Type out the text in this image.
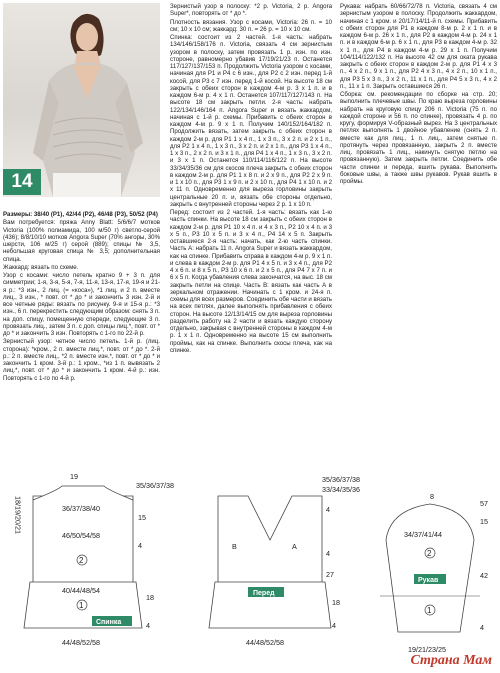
14

Размеры: 38/40 (P1), 42/44 (P2), 46/48 (P3), 50/52 (P4)

Вам потребуется: пряжа Anny Blatt: 5/6/6/7 мотков Victoria (100% полиамида, 100 м/50 г) светло-серой (436); 8/8/10/10 мотков Angora Super (70% ангоры, 30% шерсти, 106 м/25 г) серой (889); спицы № 3,5, небольшая круговая спица № 3,5; дополнительная спица.

Жаккард: вязать по схеме.

Узор с косами: число петель кратно 9 + 3 п. для симметрии; 1-я, 3-я, 5-я, 7-я, 11-я, 13-я, 17-я, 19-я и 21-я р.: *3 изн., 2 лиц. (= «коса»), *1 лиц. и 2 п. вместе лиц., 3 изн., * повт. от * до * и закончить 3 изн. 2-й и все четные ряды: вязать по рисунку. 9-я и 15-я р.: *3 изн., 6 п. перекрестить следующим образом: снять 3 п. на доп. спицу, помещенную спереди, следующие 3 п. провязать лиц., затем 3 п. с доп. спицы лиц.*, повт. от * до * и закончить 3 изн. Повторять с 1-го по 22-й р.

Зернистый узор: четное число петель. 1-й р. (лиц. сторона): *кром., 2 п. вместе лиц.*, повт. от * до *. 2-й р.: 2 п. вместе лиц., *2 п. вместе изн.*, повт. от * до * и закончить 1 кром. 3-й р.: 1 кром., *из 1 п. вывязать 2 лиц.*, повт. от * до * и закончить 1 кром. 4-й р.: изн. Повторять с 1-го по 4-й р.

Зернистый узор в полоску: *2 р. Victoria, 2 р. Angora Super*, повторять от * до *.

Плотность вязания. Узор с косами, Victoria: 26 п. = 10 см; 10 х 10 см; жаккард: 30 п. = 26 р. = 10 х 10 см.

Спинка: состоит из 2 частей. 1-я часть: набрать 134/146/158/176 п. Victoria, связать 4 см зернистым узором в полоску, затем провязать 1 р. изн. по изн. стороне, равномерно убавив 17/19/21/23 п. Останется 117/127/137/153 п. Продолжить Victoria узором с косами, начиная для Р1 и Р4 с 6 изн., для Р2 с 2 изн. перед 1-й косой, для Р3 с 7 изн. перед 1-й косой. На высоте 18 см закрыть с обеих сторон в каждом 4-м р. 3 х 1 п. и в каждом 6-м р. 4 х 1 п. Останется 107/117/127/143 п. На высоте 18 см закрыть петли. 2-я часть: набрать 122/134/146/164 п. Angora Super и вязать жаккардом, начиная с 1-й р. схемы. Прибавить с обеих сторон в каждом 4-м р. 9 х 1 п. Получим 140/152/164/182 п. Продолжить вязать, затем закрыть с обеих сторон в каждом 2-м р. для Р1 1 х 4 п., 1 х 3 п., 3 х 2 п. и 2 х 1 п., для Р2 1 х 4 п., 1 х 3 п., 3 х 2 п. и 2 х 1 п., для Р3 1 х 4 п., 1 х 3 п., 2 х 2 п. и 3 х 1 п., для Р4 1 х 4 п., 1 х 3 п., 3 х 2 п. и 3 х 1 п. Останется 110/114/116/122 п. На высоте 33/34/35/36 см для скосов плеча закрыть с обеих сторон в каждом 2-м р. для Р1 1 х 8 п. и 2 х 9 п., для Р2 2 х 9 п. и 1 х 10 п., для Р3 1 х 9 п. и 2 х 10 п., для Р4 1 х 10 п. и 2 х 11 п. Одновременно для выреза горловины закрыть центральные 20 п. и, вязать обе стороны отдельно, закрыть с внутренней стороны через 2 р. 1 х 10 п.

Перед: состоит из 2 частей. 1-я часть: вязать как 1-ю часть спинки. На высоте 18 см закрыть с обеих сторон в каждом 2-м р. для Р1 10 х 4 п. и 4 х 3 п., Р2 10 х 4 п. и 3 х 5 п., Р3 10 х 5 п. и 3 х 4 п., Р4 14 х 5 п. Закрыть оставшиеся 2-я часть: начать, как 2-ю часть спинки. Часть А: набрать 11 п. Angora Super и вязать жаккардом, как на спинке. Прибавить справа в каждом 4-м р. 9 х 1 п. и слева в каждом 2-м р. для Р1 4 х 5 п. и 3 х 4 п., для Р2 4 х 6 п. и 8 х 5 п., Р3 10 х 6 п. и 2 х 5 п., для Р4 7 х 7 п. и 6 х 5 п. Когда убавления слева закончатся, на выс. 18 см закрыть петли на спице. Часть В: вязать как часть А в зеркальном отражении. Начинать с 1 кром. и 24-я п. схемы для всех размеров. Соединить обе части и вязать на всех петлях, далее выполнять прибавления с обеих сторон. На высоте 12/13/14/15 см для выреза горловины разделить работу на 2 части и вязать каждую сторону отдельно, закрывая с внутренней стороны в каждом 4-м р. 1 х 1 п. Одновременно на высоте 15 см выполнить проймы, как на спинке. Выполнить скосы плеча, как на спинке.

Рукава: набрать 60/66/72/78 п. Victoria, связать 4 см зернистым узором в полоску. Продолжить жаккардом, начиная с 1 кром. и 20/17/14/11-й п. схемы. Прибавить с обеих сторон для Р1 в каждом 8-м р. 2 х 1 п. и в каждом 6-м р. 26 х 1 п., для Р2 в каждом 4-м р. 24 х 1 п. и в каждом 6-м р. 6 х 1 п., для Р3 в каждом 4-м р. 32 х 1 п., для Р4 в каждом 4-м р. 29 х 1 п. Получим 104/114/122/132 п. На высоте 42 см для оката рукава закрыть с обеих сторон в каждом 2-м р. для Р1 4 х 3 п., 4 х 2 п., 9 х 1 п., для Р2 4 х 3 п., 4 х 2 п., 10 х 1 п., для Р3 5 х 3 п., 3 х 2 п., 11 х 1 п., для Р4 5 х 3 п., 4 х 2 п., 11 х 1 п. Закрыть оставшиеся 26 п.

Сборка: см. рекомендации по сборке на стр. 20; выполнить плечевые швы. По краю выреза горловины набрать на круговую спицу 206 п. Victoria (75 п. по каждой стороне и 56 п. по спинке), провязать 4 р. по кругу, формируя V-образный вырез. На 3 центральных петлях выполнять 1 двойное убавление (снять 2 п. вместе как для лиц., 1 п. лиц., затем снятые п. протянуть через провязанную, закрыть 2 п. вместе лиц. провязать 1 лиц., накинуть снятую петлю на провязанную). Затем закрыть петли. Соединить обе части спинки и переда, вшить рукава. Выполнить боковые швы, а также швы рукавов. Рукав вшить в проймы.

Спинка
19
35/36/37/38
36/37/38/40
46/50/54/58
40/44/48/54
44/48/52/58
18/19/20/21	15
4
18
4
2
1
Перед
B	A
35/36/37/38
33/34/35/36
44/48/52/58
4
4
27
18
4
Рукав
8
34/37/41/44
19/21/23/25
57
15
42
4
2
1
Страна Мам
